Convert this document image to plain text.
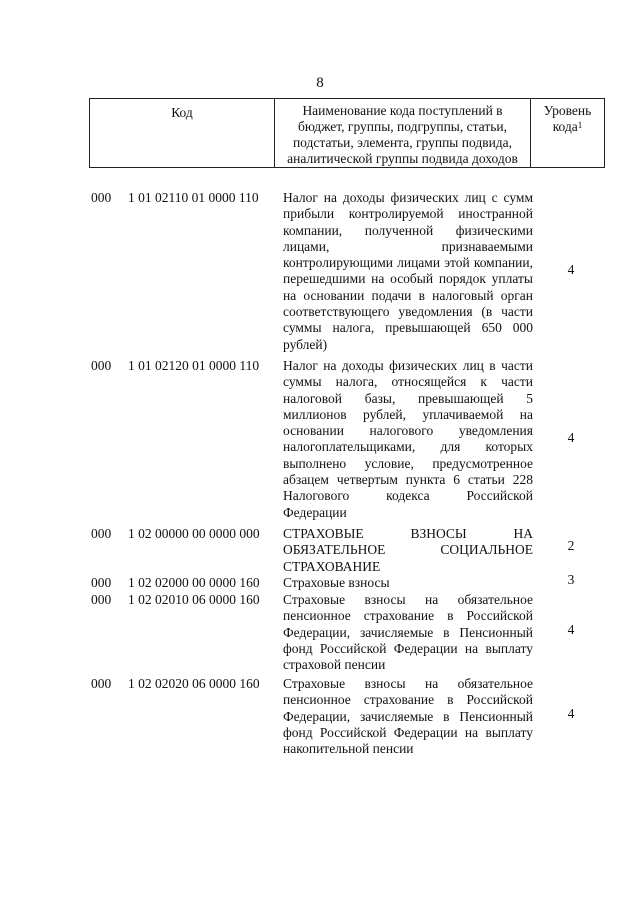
8
Код	Наименование кода поступлений в
бюджет, группы, подгруппы, статьи,
подстатьи, элемента, группы подвида,
аналитической группы подвида доходов
Уровень
кода$^1$
000 1 01 02110 01 0000 110 Налог на доходы физических лиц с сумм прибыли контролируемой иностранной компании, полученной физическими лицами, признаваемыми контролирующими лицами этой компании, перешедшими на особый порядок уплаты на основании подачи в налоговый орган соответствующего уведомления (в части суммы налога, превышающей 650 000 рублей)
4
000 1 01 02120 01 0000 110 Налог на доходы физических лиц в части суммы налога, относящейся к части налоговой базы, превышающей 5 миллионов рублей, уплачиваемой на основании налогового уведомления налогоплательщиками, для которых выполнено условие, предусмотренное абзацем четвертым пункта 6 статьи 228 Налогового кодекса Российской Федерации
4
000 1 02 00000 00 0000 000 СТРАХОВЫЕ ВЗНОСЫ НА ОБЯЗАТЕЛЬНОЕ СОЦИАЛЬНОЕ СТРАХОВАНИЕ
2
000 1 02 02000 00 0000 160 Страховые взносы	3
000 1 02 02010 06 0000 160 Страховые взносы на обязательное пенсионное страхование в Российской Федерации, зачисляемые в Пенсионный фонд Российской Федерации на выплату страховой пенсии
4
000 1 02 02020 06 0000 160 Страховые взносы на обязательное пенсионное страхование в Российской Федерации, зачисляемые в Пенсионный фонд Российской Федерации на выплату накопительной пенсии
4
